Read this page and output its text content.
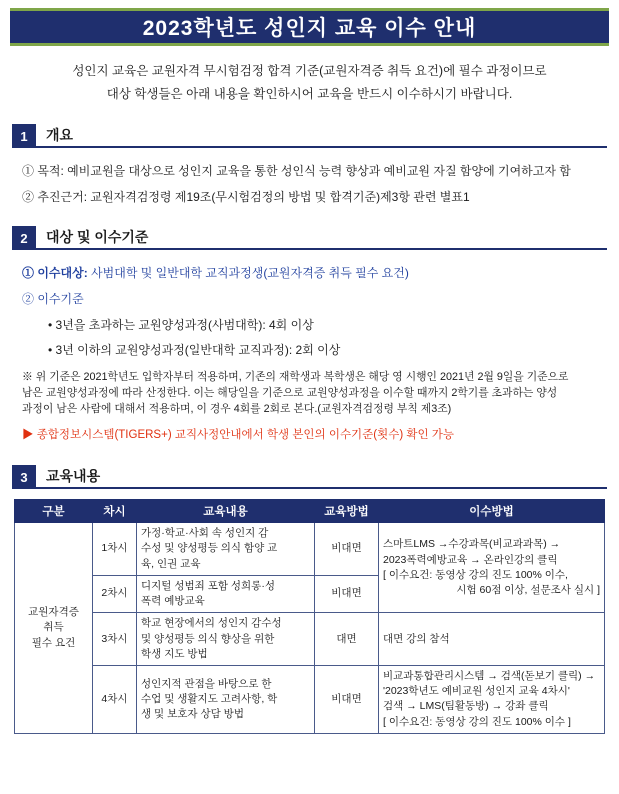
2023학년도 성인지 교육 이수 안내
성인지 교육은 교원자격 무시험검정 합격 기준(교원자격증 취득 요건)에 필수 과정이므로
대상 학생들은 아래 내용을 확인하시어 교육을 반드시 이수하시기 바랍니다.
1	개요

① 목적: 예비교원을 대상으로 성인지 교육을 통한 성인식 능력 향상과 예비교원 자질 함양에 기여하고자 함

② 추진근거: 교원자격검정령 제19조(무시험검정의 방법 및 합격기준)제3항 관련 별표1

2	대상 및 이수기준

① 이수대상: 사범대학 및 일반대학 교직과정생(교원자격증 취득 필수 요건)

② 이수기준

• 3년을 초과하는 교원양성과정(사범대학): 4회 이상

• 3년 이하의 교원양성과정(일반대학 교직과정): 2회 이상

※ 위 기준은 2021학년도 입학자부터 적용하며, 기존의 재학생과 복학생은 해당 영 시행인 2021년 2월 9일을 기준으로

남은 교원양성과정에 따라 산정한다. 이는 해당일을 기준으로 교원양성과정을 이수할 때까지 2학기를 초과하는 양성

과정이 남은 사람에 대해서 적용하며, 이 경우 4회를 2회로 본다.(교원자격검정령 부칙 제3조)

▶ 종합정보시스템(TIGERS+) 교직사정안내에서 학생 본인의 이수기준(횟수) 확인 가능

3	교육내용
구분	차시	교육내용	교육방법	이수방법

교원자격증
취득
필수 요건	1차시	가정·학교·사회 속 성인지 감
수성 및 양성평등 의식 함양 교
육, 인권 교육	비대면	스마트LMS →수강과목(비교과과목) →
2023폭력예방교육 → 온라인강의 클릭
[ 이수요건: 동영상 강의 진도 100% 이수,
시험 60점 이상, 설문조사 실시 ]

	2차시	디지털 성범죄 포함 성희롱·성
폭력 예방교육	비대면	
	3차시	학교 현장에서의 성인지 감수성
및 양성평등 의식 향상을 위한
학생 지도 방법	대면	대면 강의 참석
	4차시	성인지적 관점을 바탕으로 한
수업 및 생활지도 고려사항, 학
생 및 보호자 상담 방법	비대면	비교과통합관리시스템 → 검색(돋보기 클릭) →
'2023학년도 예비교원 성인지 교육 4차시'
검색 → LMS(팀활동방) → 강좌 클릭
[ 이수요건: 동영상 강의 진도 100% 이수 ]
